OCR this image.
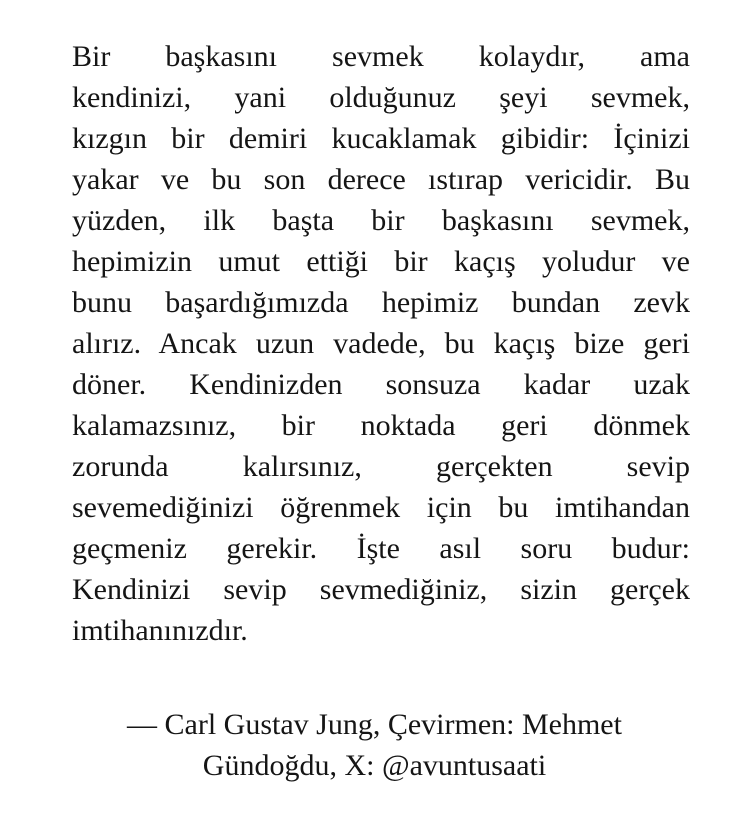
Bir başkasını sevmek kolaydır, ama
kendinizi, yani olduğunuz şeyi sevmek,
kızgın bir demiri kucaklamak gibidir: İçinizi
yakar ve bu son derece ıstırap vericidir. Bu
yüzden, ilk başta bir başkasını sevmek,
hepimizin umut ettiği bir kaçış yoludur ve
bunu başardığımızda hepimiz bundan zevk
alırız. Ancak uzun vadede, bu kaçış bize geri
döner. Kendinizden sonsuza kadar uzak
kalamazsınız, bir noktada geri dönmek
zorunda kalırsınız, gerçekten sevip
sevemediğinizi öğrenmek için bu imtihandan
geçmeniz gerekir. İşte asıl soru budur:
Kendinizi sevip sevmediğiniz, sizin gerçek
imtihanınızdır.
— Carl Gustav Jung, Çevirmen: Mehmet
Gündoğdu, X: @avuntusaati
